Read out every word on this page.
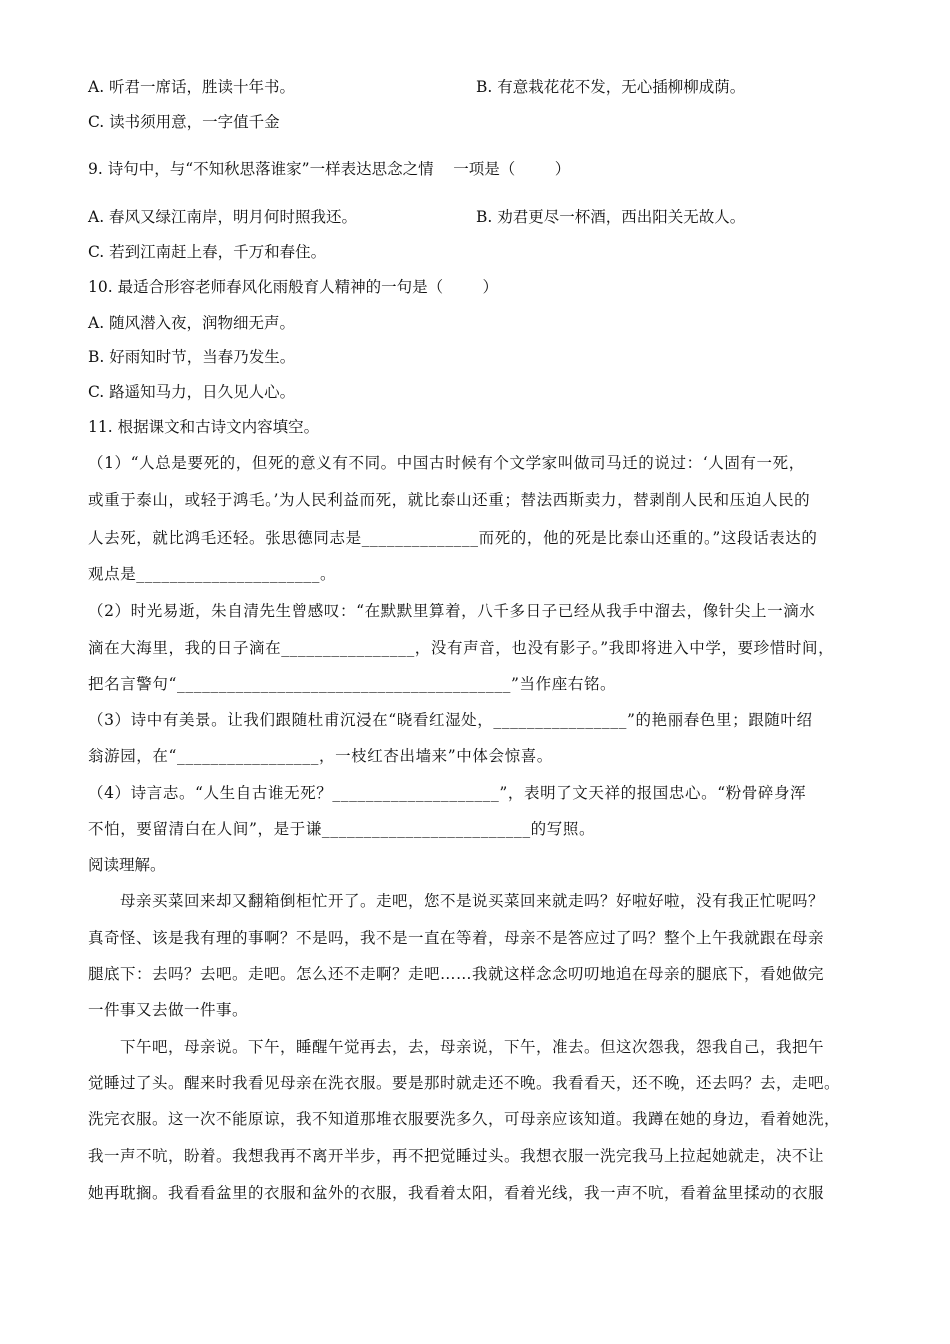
A. 听君一席话，胜读十年书。	B. 有意栽花花不发，无心插柳柳成荫。
C. 读书须用意，一字值千金
9. 诗句中，与“不知秋思落谁家”一样表达思念之情    一项是（        ）
A. 春风又绿江南岸，明月何时照我还。	B. 劝君更尽一杯酒，西出阳关无故人。
C. 若到江南赶上春，千万和春住。
10. 最适合形容老师春风化雨般育人精神的一句是（        ）
A. 随风潜入夜，润物细无声。
B. 好雨知时节，当春乃发生。
C. 路遥知马力，日久见人心。
11. 根据课文和古诗文内容填空。
（1）“人总是要死的，但死的意义有不同。中国古时候有个文学家叫做司马迁的说过：‘人固有一死，
或重于泰山，或轻于鸿毛。’为人民利益而死，就比泰山还重；替法西斯卖力，替剥削人民和压迫人民的
人去死，就比鸿毛还轻。张思德同志是______________而死的，他的死是比泰山还重的。”这段话表达的
观点是______________________。
（2）时光易逝，朱自清先生曾感叹：“在默默里算着，八千多日子已经从我手中溜去，像针尖上一滴水
滴在大海里，我的日子滴在________________，没有声音，也没有影子。”我即将进入中学，要珍惜时间，
把名言警句“________________________________________”当作座右铭。
（3）诗中有美景。让我们跟随杜甫沉浸在“晓看红湿处，________________”的艳丽春色里；跟随叶绍
翁游园，在“_________________，一枝红杏出墙来”中体会惊喜。
（4）诗言志。“人生自古谁无死？____________________”，表明了文天祥的报国忠心。“粉骨碎身浑
不怕，要留清白在人间”，是于谦_________________________的写照。
阅读理解。
母亲买菜回来却又翻箱倒柜忙开了。走吧，您不是说买菜回来就走吗？好啦好啦，没有我正忙呢吗？
真奇怪、该是我有理的事啊？不是吗，我不是一直在等着，母亲不是答应过了吗？整个上午我就跟在母亲
腿底下：去吗？去吧。走吧。怎么还不走啊？走吧……我就这样念念叨叨地追在母亲的腿底下，看她做完
一件事又去做一件事。
下午吧，母亲说。下午，睡醒午觉再去，去，母亲说，下午，准去。但这次怨我，怨我自己，我把午
觉睡过了头。醒来时我看见母亲在洗衣服。要是那时就走还不晚。我看看天，还不晚，还去吗？去，走吧。
洗完衣服。这一次不能原谅，我不知道那堆衣服要洗多久，可母亲应该知道。我蹲在她的身边，看着她洗，
我一声不吭，盼着。我想我再不离开半步，再不把觉睡过头。我想衣服一洗完我马上拉起她就走，决不让
她再耽搁。我看看盆里的衣服和盆外的衣服，我看着太阳，看着光线，我一声不吭，看着盆里揉动的衣服
